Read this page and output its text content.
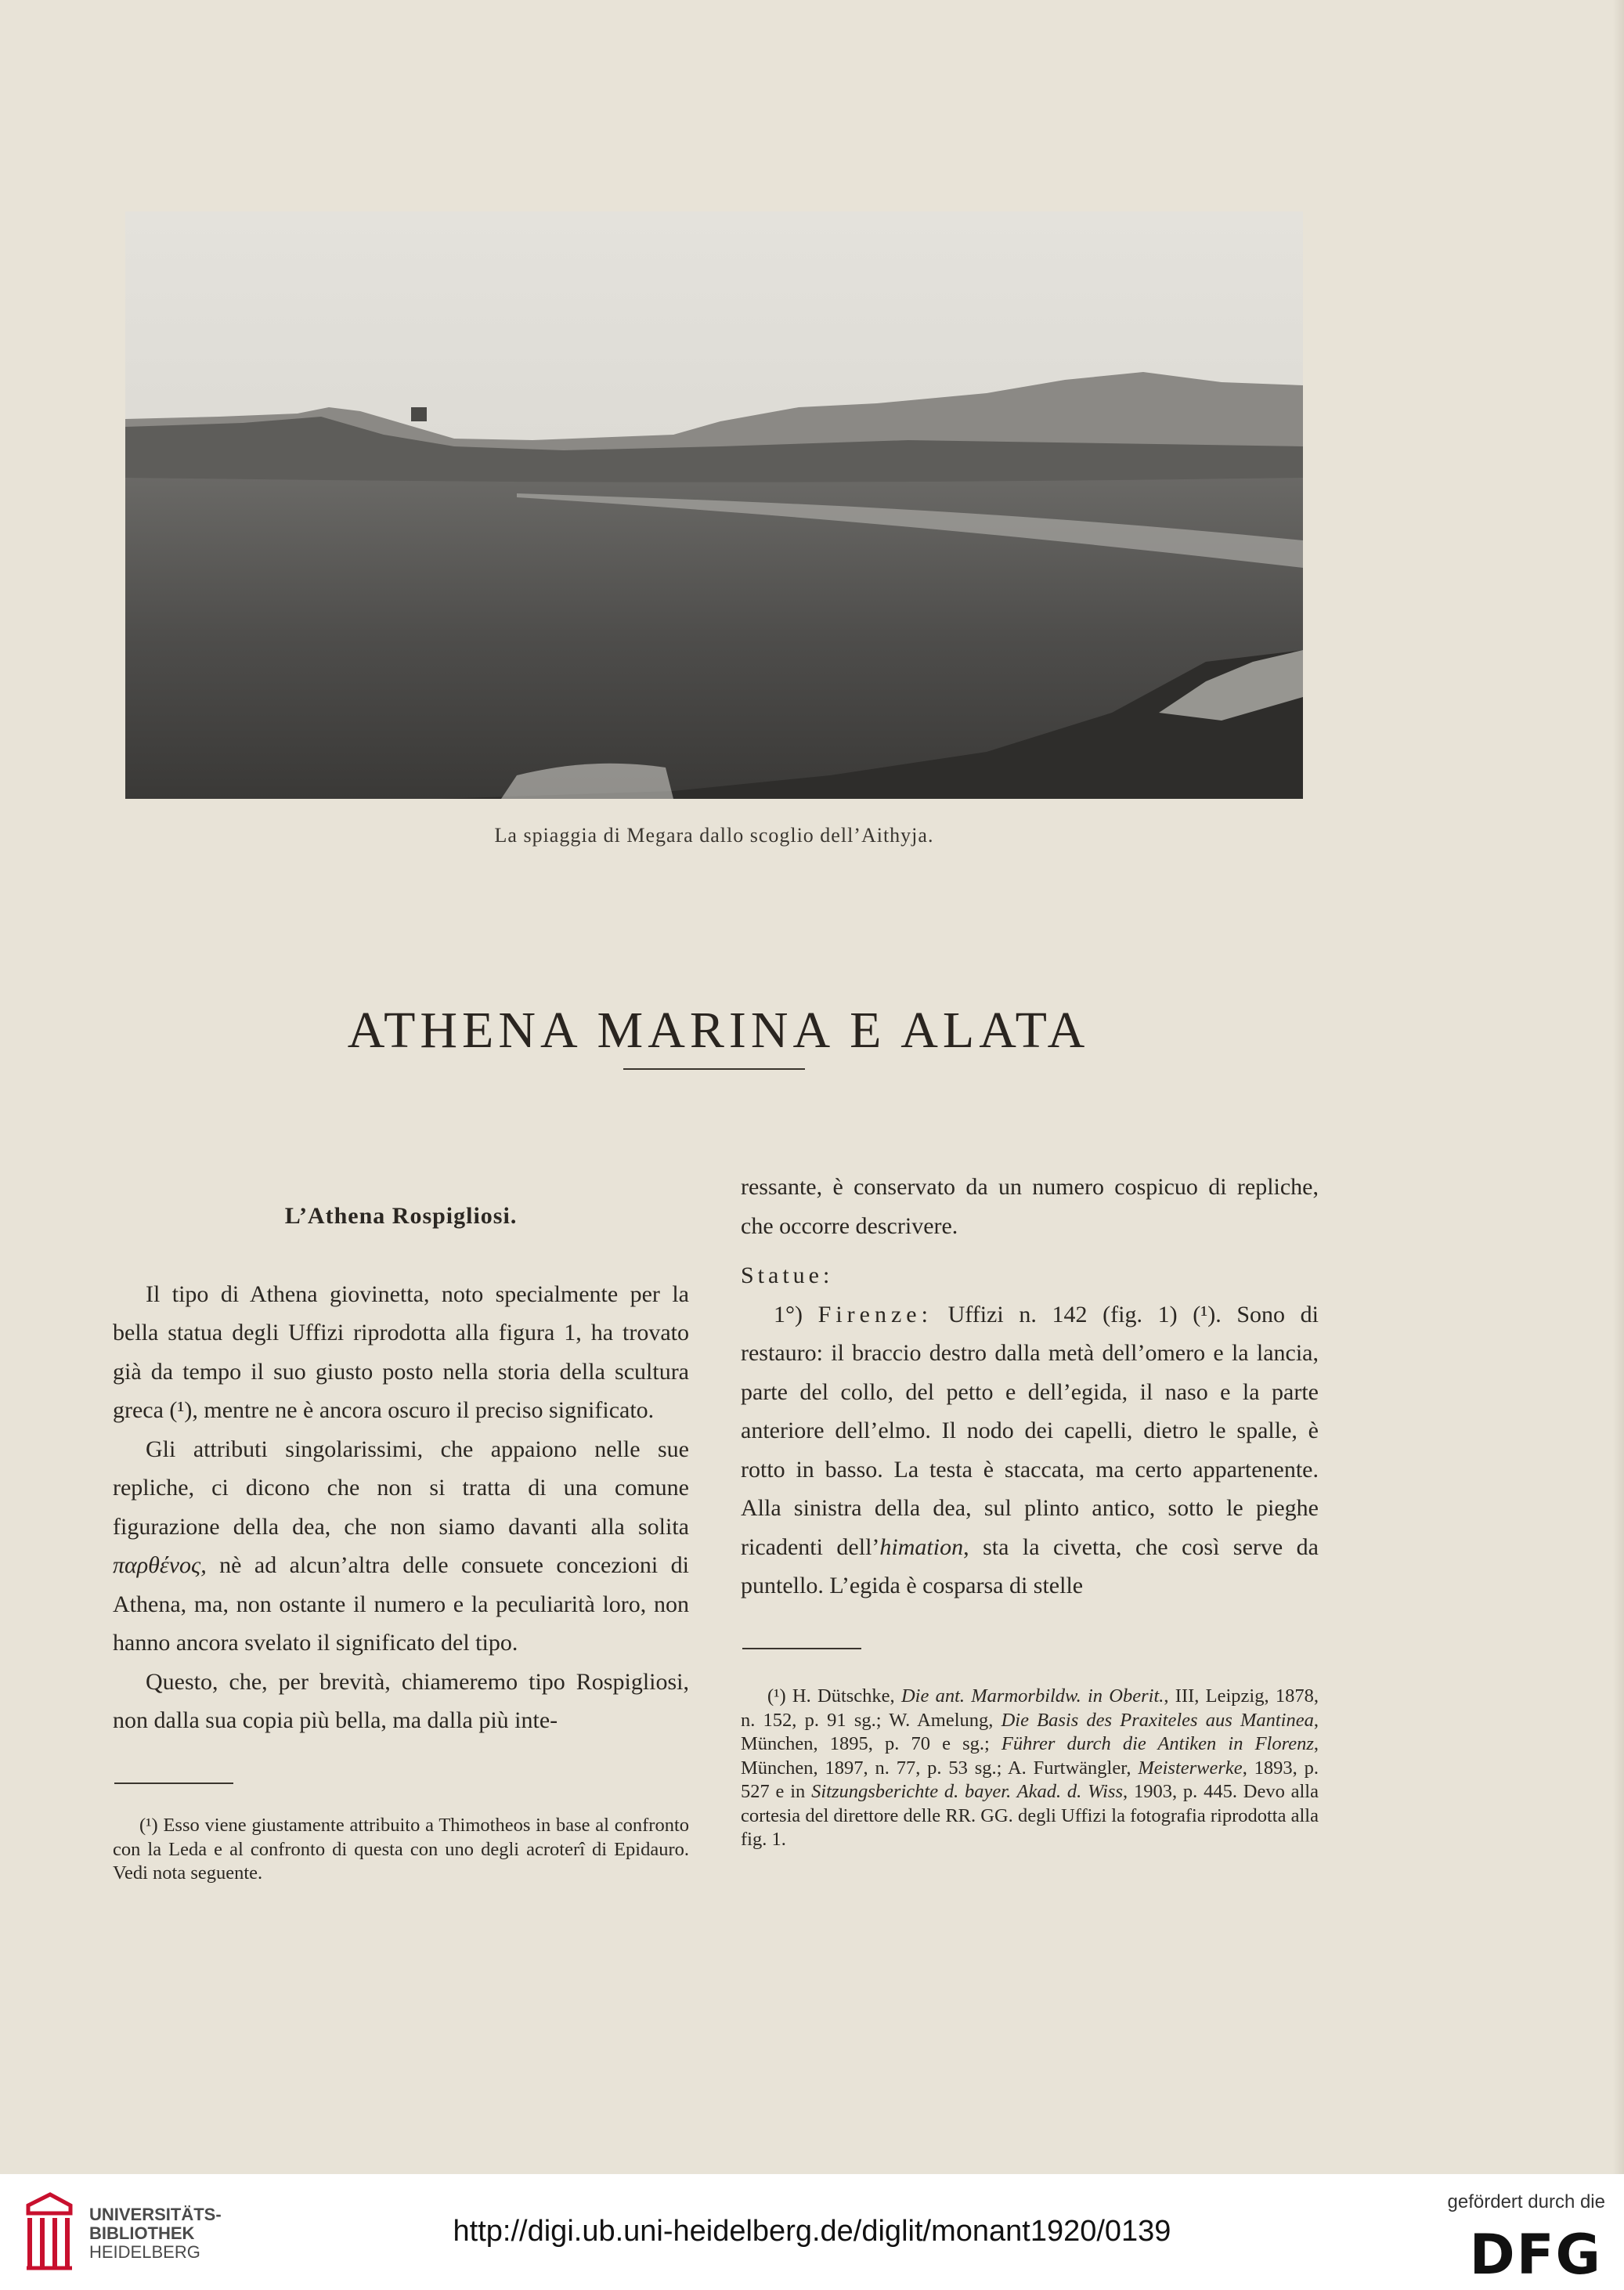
La spiaggia di Megara dallo scoglio dell’Aithyja.
ATHENA MARINA E ALATA

L’Athena Rospigliosi.

Il tipo di Athena giovinetta, noto specialmente per la bella statua degli Uffizi riprodotta alla figura 1, ha trovato già da tempo il suo giusto posto nella storia della scultura greca (¹), mentre ne è ancora oscuro il preciso significato.

Gli attributi singolarissimi, che appaiono nelle sue repliche, ci dicono che non si tratta di una comune figurazione della dea, che non siamo davanti alla solita παρθένος, nè ad alcun’altra delle consuete concezioni di Athena, ma, non ostante il numero e la peculiarità loro, non hanno ancora svelato il significato del tipo.

Questo, che, per brevità, chiameremo tipo Rospigliosi, non dalla sua copia più bella, ma dalla più inte-

(¹) Esso viene giustamente attribuito a Thimotheos in base al confronto con la Leda e al confronto di questa con uno degli acroterî di Epidauro. Vedi nota seguente.

ressante, è conservato da un numero cospicuo di repliche, che occorre descrivere.

Statue:

1°) Firenze: Uffizi n. 142 (fig. 1) (¹). Sono di restauro: il braccio destro dalla metà dell’omero e la lancia, parte del collo, del petto e dell’egida, il naso e la parte anteriore dell’elmo. Il nodo dei capelli, dietro le spalle, è rotto in basso. La testa è staccata, ma certo appartenente. Alla sinistra della dea, sul plinto antico, sotto le pieghe ricadenti dell’himation, sta la civetta, che così serve da puntello. L’egida è cosparsa di stelle

(¹) H. Dütschke, Die ant. Marmorbildw. in Oberit., III, Leipzig, 1878, n. 152, p. 91 sg.; W. Amelung, Die Basis des Praxiteles aus Mantinea, München, 1895, p. 70 e sg.; Führer durch die Antiken in Florenz, München, 1897, n. 77, p. 53 sg.; A. Furtwängler, Meisterwerke, 1893, p. 527 e in Sitzungsberichte d. bayer. Akad. d. Wiss, 1903, p. 445. Devo alla cortesia del direttore delle RR. GG. degli Uffizi la fotografia riprodotta alla fig. 1.

UNIVERSITÄTS-
BIBLIOTHEK
HEIDELBERG
http://digi.ub.uni-heidelberg.de/diglit/monant1920/0139
gefördert durch die
DFG
